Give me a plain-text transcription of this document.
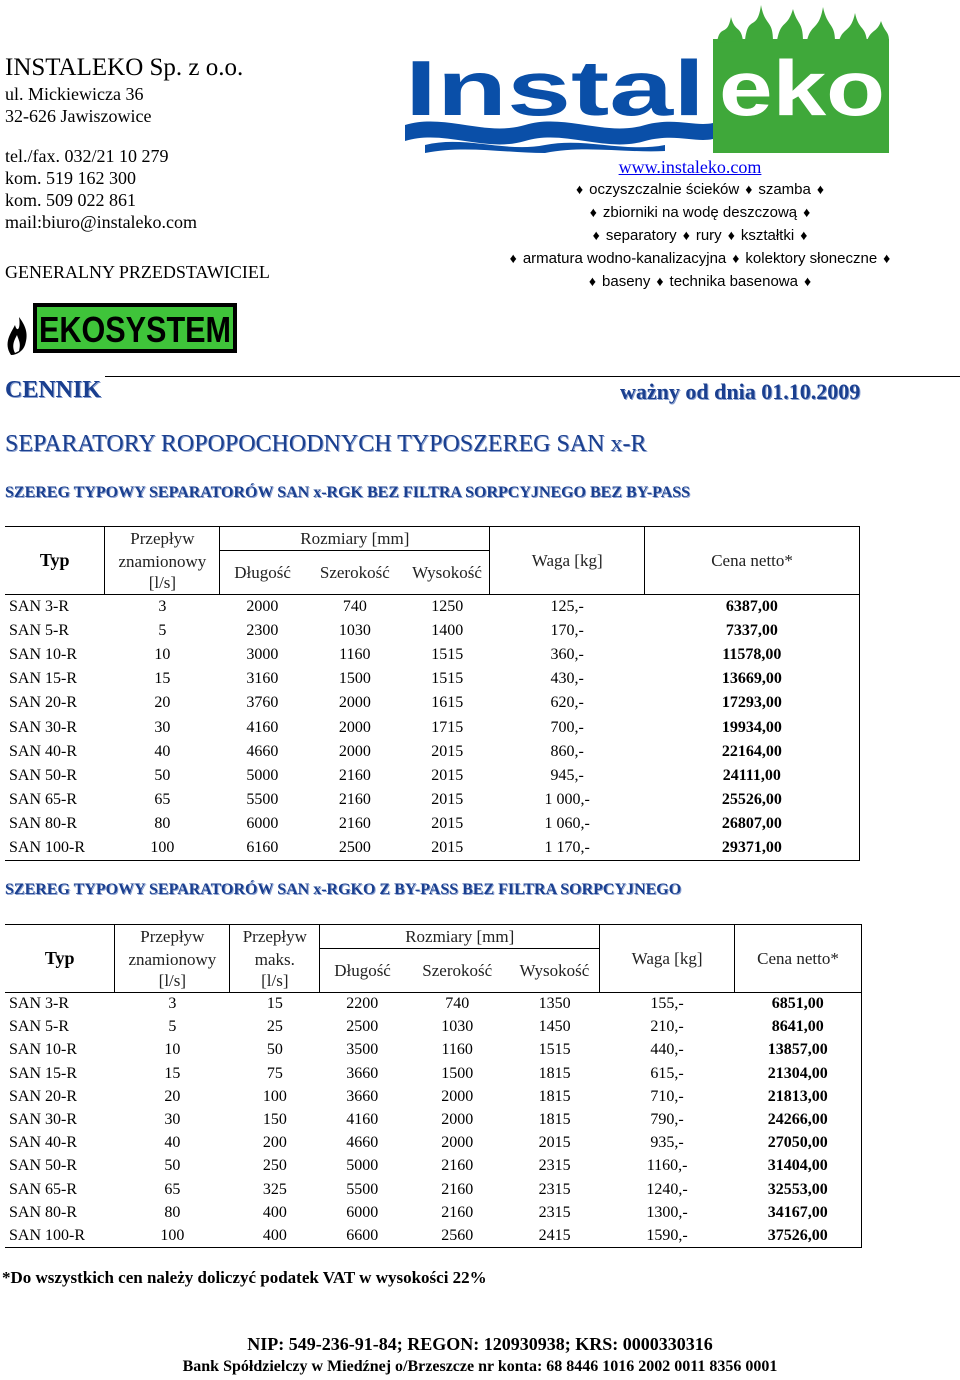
INSTALEKO Sp. z o.o.

ul. Mickiewicza 36

32-626 Jawiszowice

tel./fax. 032/21 10 279

kom. 519 162 300

kom. 509 022 861

mail:biuro@instaleko.com

GENERALNY PRZEDSTAWICIEL

Instal eko
www.instaleko.com
♦ oczyszczalnie ścieków ♦ szamba ♦
♦ zbiorniki na wodę deszczową ♦
♦ separatory ♦ rury ♦ kształtki ♦
♦ armatura wodno-kanalizacyjna ♦ kolektory słoneczne ♦
♦ baseny ♦ technika basenowa ♦
EKOSYSTEM
CENNIK	ważny od dnia 01.10.2009
SEPARATORY ROPOPOCHODNYCH TYPOSZEREG SAN x-R
SZEREG TYPOWY SEPARATORÓW SAN x-RGK BEZ FILTRA SORPCYJNEGO BEZ BY-PASS
Typ	Przepływ	Rozmiary [mm]			Waga [kg]	Cena netto*
	znamionowy	Długość	Szerokość	Wysokość		
	[l/s]					
SAN 3-R	3	2000	740	1250	125,-	6387,00
SAN 5-R	5	2300	1030	1400	170,-	7337,00
SAN 10-R	10	3000	1160	1515	360,-	11578,00
SAN 15-R	15	3160	1500	1515	430,-	13669,00
SAN 20-R	20	3760	2000	1615	620,-	17293,00
SAN 30-R	30	4160	2000	1715	700,-	19934,00
SAN 40-R	40	4660	2000	2015	860,-	22164,00
SAN 50-R	50	5000	2160	2015	945,-	24111,00
SAN 65-R	65	5500	2160	2015	1 000,-	25526,00
SAN 80-R	80	6000	2160	2015	1 060,-	26807,00
SAN 100-R	100	6160	2500	2015	1 170,-	29371,00
SZEREG TYPOWY SEPARATORÓW SAN x-RGKO Z BY-PASS BEZ FILTRA SORPCYJNEGO
Typ	Przepływ	Przepływ	Rozmiary [mm]			Waga [kg]	Cena netto*
	znamionowy	maks.	Długość	Szerokość	Wysokość		
	[l/s]	[l/s]					
SAN 3-R	3	15	2200	740	1350	155,-	6851,00
SAN 5-R	5	25	2500	1030	1450	210,-	8641,00
SAN 10-R	10	50	3500	1160	1515	440,-	13857,00
SAN 15-R	15	75	3660	1500	1815	615,-	21304,00
SAN 20-R	20	100	3660	2000	1815	710,-	21813,00
SAN 30-R	30	150	4160	2000	1815	790,-	24266,00
SAN 40-R	40	200	4660	2000	2015	935,-	27050,00
SAN 50-R	50	250	5000	2160	2315	1160,-	31404,00
SAN 65-R	65	325	5500	2160	2315	1240,-	32553,00
SAN 80-R	80	400	6000	2160	2315	1300,-	34167,00
SAN 100-R	100	400	6600	2560	2415	1590,-	37526,00
*Do wszystkich cen należy doliczyć podatek VAT w wysokości 22%
NIP: 549-236-91-84; REGON: 120930938; KRS: 0000330316
Bank Spółdzielczy w Miedźnej o/Brzeszcze nr konta: 68 8446 1016 2002 0011 8356 0001
